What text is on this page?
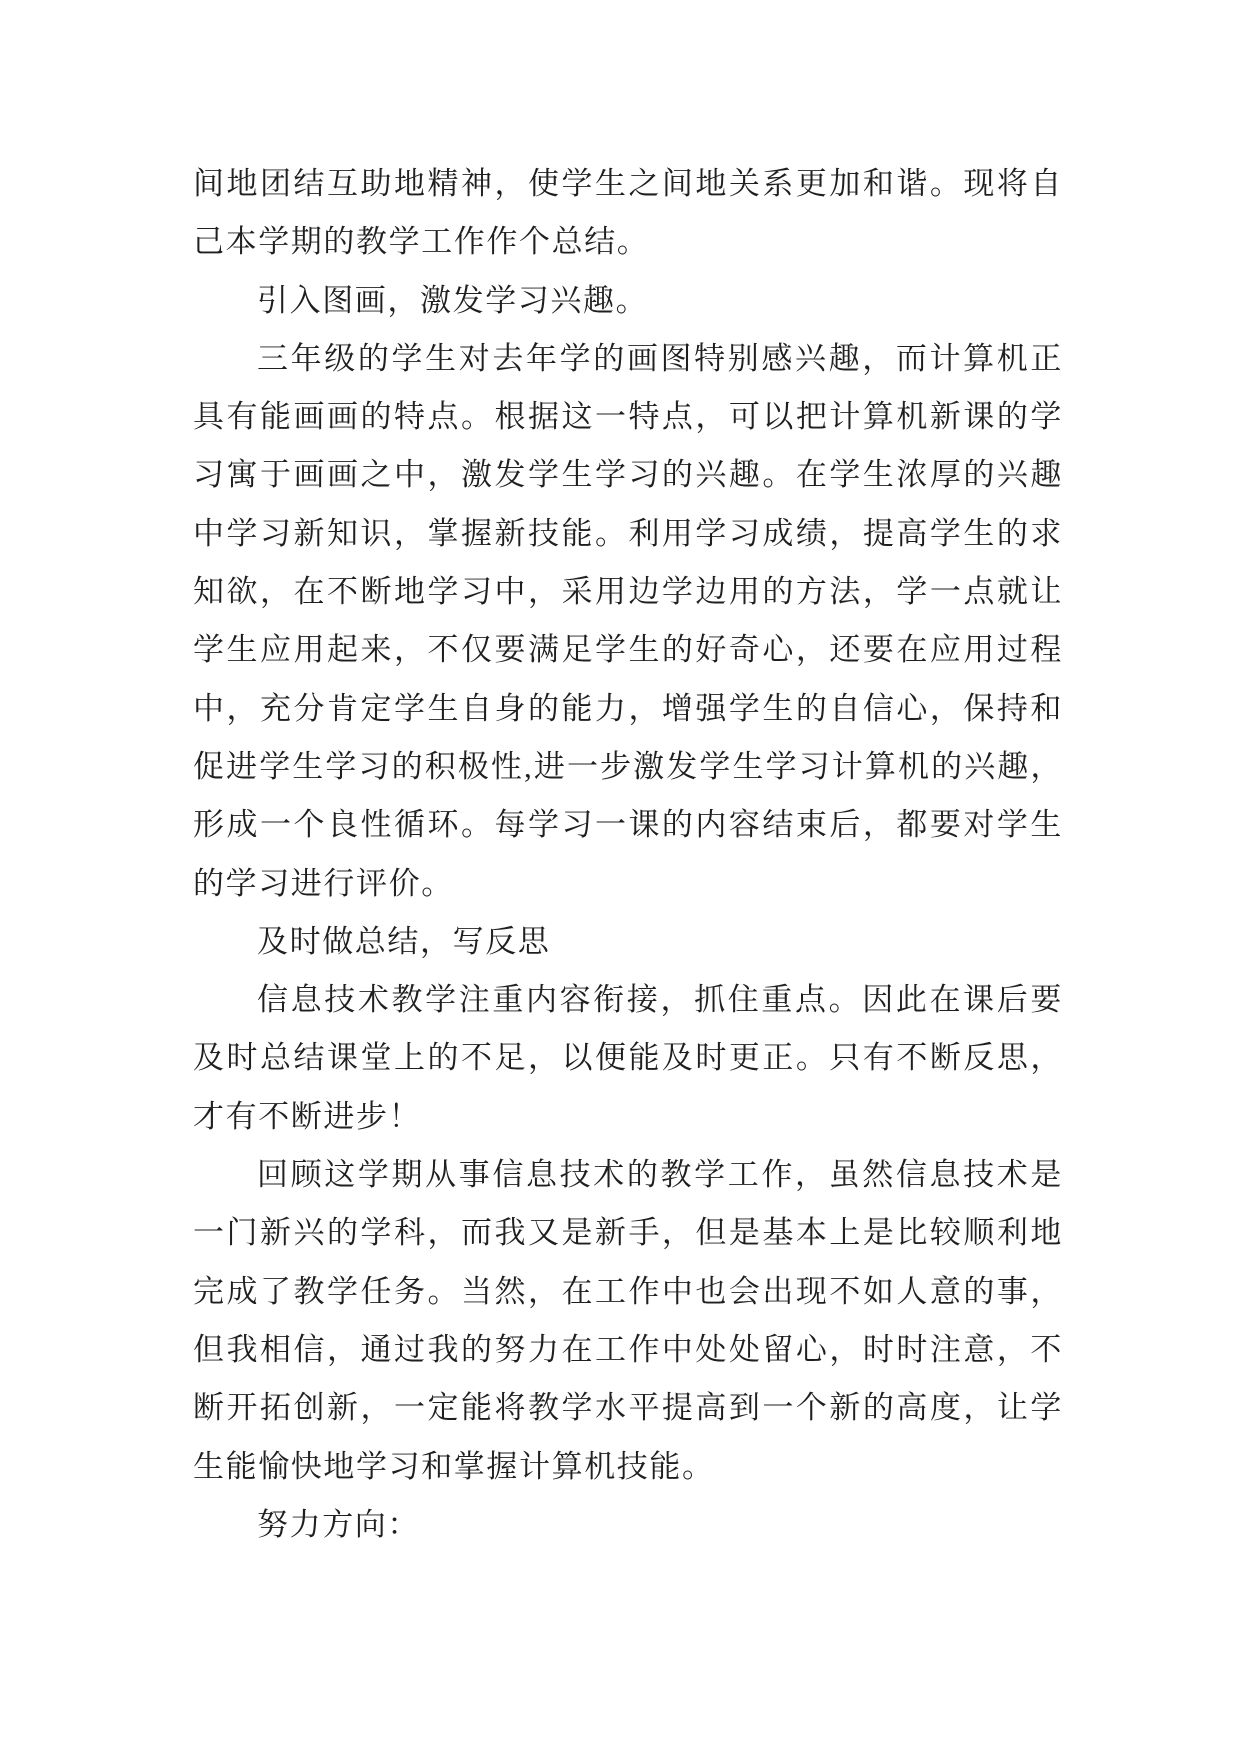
间地团结互助地精神，使学生之间地关系更加和谐。现将自
己本学期的教学工作作个总结。
引入图画，激发学习兴趣。
三年级的学生对去年学的画图特别感兴趣，而计算机正
具有能画画的特点。根据这一特点，可以把计算机新课的学
习寓于画画之中，激发学生学习的兴趣。在学生浓厚的兴趣
中学习新知识，掌握新技能。利用学习成绩，提高学生的求
知欲，在不断地学习中，采用边学边用的方法，学一点就让
学生应用起来，不仅要满足学生的好奇心，还要在应用过程
中，充分肯定学生自身的能力，增强学生的自信心，保持和
促进学生学习的积极性,进一步激发学生学习计算机的兴趣，
形成一个良性循环。每学习一课的内容结束后，都要对学生
的学习进行评价。
及时做总结，写反思
信息技术教学注重内容衔接，抓住重点。因此在课后要
及时总结课堂上的不足，以便能及时更正。只有不断反思，
才有不断进步！
回顾这学期从事信息技术的教学工作，虽然信息技术是
一门新兴的学科，而我又是新手，但是基本上是比较顺利地
完成了教学任务。当然，在工作中也会出现不如人意的事，
但我相信，通过我的努力在工作中处处留心，时时注意，不
断开拓创新，一定能将教学水平提高到一个新的高度，让学
生能愉快地学习和掌握计算机技能。
努力方向：
